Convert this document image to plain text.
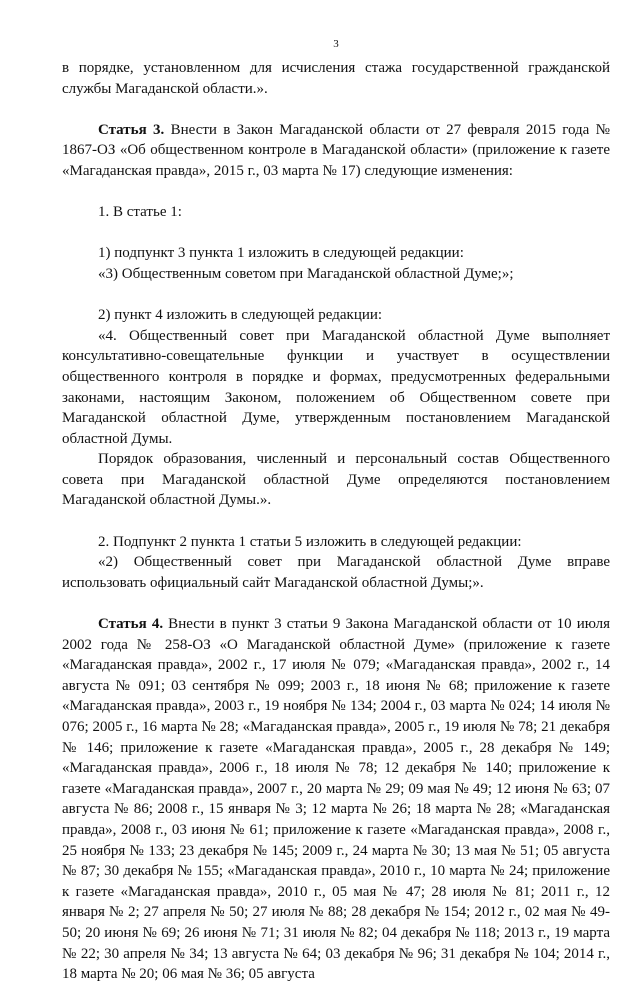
3

в порядке, установленном для исчисления стажа государственной гражданской службы Магаданской области.».

Статья 3. Внести в Закон Магаданской области от 27 февраля 2015 года № 1867-ОЗ «Об общественном контроле в Магаданской области» (приложение к газете «Магаданская правда», 2015 г., 03 марта № 17) следующие изменения:

1. В статье 1:

1) подпункт 3 пункта 1 изложить в следующей редакции:

«3) Общественным советом при Магаданской областной Думе;»;

2) пункт 4 изложить в следующей редакции:

«4. Общественный совет при Магаданской областной Думе выполняет консультативно-совещательные функции и участвует в осуществлении общественного контроля в порядке и формах, предусмотренных федеральными законами, настоящим Законом, положением об Общественном совете при Магаданской областной Думе, утвержденным постановлением Магаданской областной Думы.

Порядок образования, численный и персональный состав Общественного совета при Магаданской областной Думе определяются постановлением Магаданской областной Думы.».

2. Подпункт 2 пункта 1 статьи 5 изложить в следующей редакции:

«2) Общественный совет при Магаданской областной Думе вправе использовать официальный сайт Магаданской областной Думы;».

Статья 4. Внести в пункт 3 статьи 9 Закона Магаданской области от 10 июля 2002 года № 258-ОЗ «О Магаданской областной Думе» (приложение к газете «Магаданская правда», 2002 г., 17 июля № 079; «Магаданская правда», 2002 г., 14 августа № 091; 03 сентября № 099; 2003 г., 18 июня № 68; приложение к газете «Магаданская правда», 2003 г., 19 ноября № 134; 2004 г., 03 марта № 024; 14 июля № 076; 2005 г., 16 марта № 28; «Магаданская правда», 2005 г., 19 июля № 78; 21 декабря № 146; приложение к газете «Магаданская правда», 2005 г., 28 декабря № 149; «Магаданская правда», 2006 г., 18 июля № 78; 12 декабря № 140; приложение к газете «Магаданская правда», 2007 г., 20 марта № 29; 09 мая № 49; 12 июня № 63; 07 августа № 86; 2008 г., 15 января № 3; 12 марта № 26; 18 марта № 28; «Магаданская правда», 2008 г., 03 июня № 61; приложение к газете «Магаданская правда», 2008 г., 25 ноября № 133; 23 декабря № 145; 2009 г., 24 марта № 30; 13 мая № 51; 05 августа № 87; 30 декабря № 155; «Магаданская правда», 2010 г., 10 марта № 24; приложение к газете «Магаданская правда», 2010 г., 05 мая № 47; 28 июля № 81; 2011 г., 12 января № 2; 27 апреля № 50; 27 июля № 88; 28 декабря № 154; 2012 г., 02 мая № 49-50; 20 июня № 69; 26 июня № 71; 31 июля № 82; 04 декабря № 118; 2013 г., 19 марта № 22; 30 апреля № 34; 13 августа № 64; 03 декабря № 96; 31 декабря № 104; 2014 г., 18 марта № 20; 06 мая № 36; 05 августа
